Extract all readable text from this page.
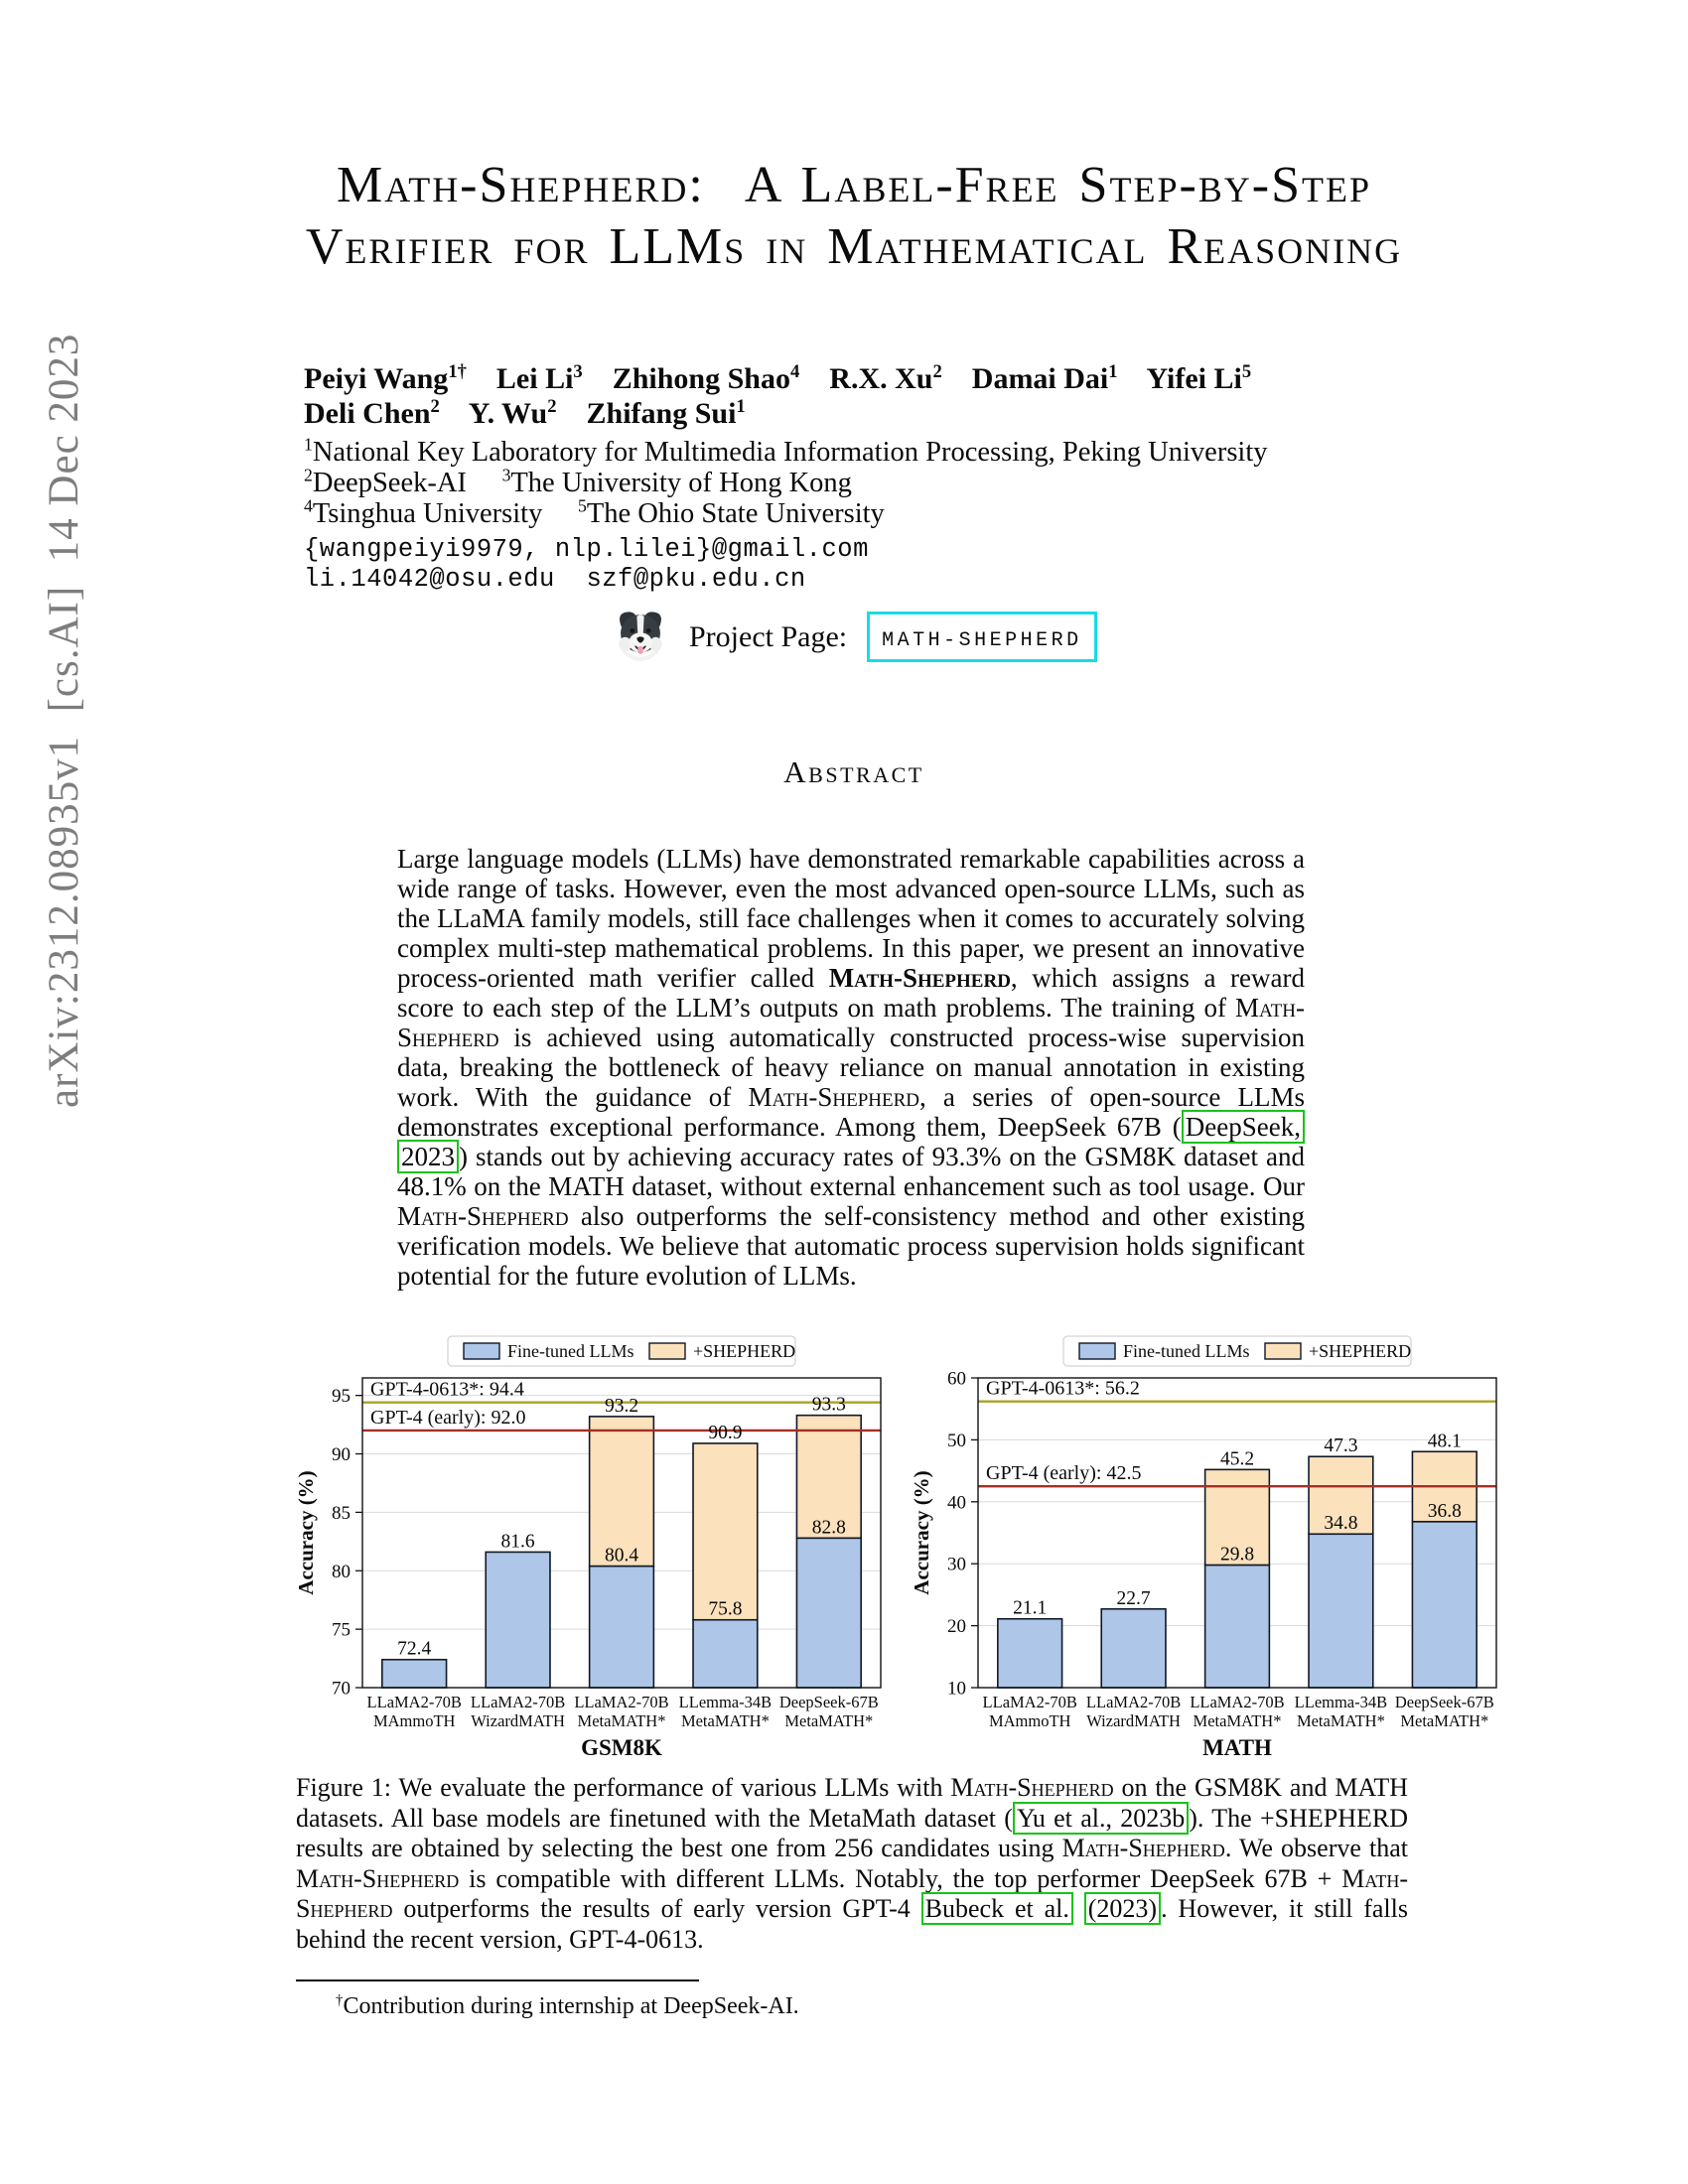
arXiv:2312.08935v1  [cs.AI]  14 Dec 2023
Math-Shepherd:  A Label-Free Step-by-Step
Verifier for LLMs in Mathematical Reasoning
Peiyi Wang$^{1\dagger}$ Lei Li$^3$ Zhihong Shao$^4$ R.X. Xu$^2$ Damai Dai$^1$ Yifei Li$^5$
Deli Chen$^2$ Y. Wu$^2$ Zhifang Sui$^1$
$^1$National Key Laboratory for Multimedia Information Processing, Peking University
$^2$DeepSeek-AI $^3$The University of Hong Kong
$^4$Tsinghua University $^5$The Ohio State University
{wangpeiyi9979, nlp.lilei}@gmail.com
li.14042@osu.edu  szf@pku.edu.cn
Project Page:	MATH-SHEPHERD
Abstract
Large language models (LLMs) have demonstrated remarkable capabilities across a wide range of tasks. However, even the most advanced open-source LLMs, such as the LLaMA family models, still face challenges when it comes to accurately solving complex multi-step mathematical problems. In this paper, we present an innovative process-oriented math verifier called Math-Shepherd, which assigns a reward score to each step of the LLM’s outputs on math problems. The training of Math-Shepherd is achieved using automatically constructed process-wise supervision data, breaking the bottleneck of heavy reliance on manual annotation in existing work. With the guidance of Math-Shepherd, a series of open-source LLMs demonstrates exceptional performance. Among them, DeepSeek 67B ( DeepSeek, 2023 ) stands out by achieving accuracy rates of 93.3% on the GSM8K dataset and 48.1% on the MATH dataset, without external enhancement such as tool usage. Our Math-Shepherd also outperforms the self-consistency method and other existing verification models. We believe that automatic process supervision holds significant potential for the future evolution of LLMs.
70
75
80
85
90
95 GPT-4-0613*: 94.4
GPT-4 (early): 92.0
72.4
LLaMA2-70B
MAmmoTH
81.6
LLaMA2-70B
WizardMATH
80.4
93.2
LLaMA2-70B
MetaMATH*
75.8
90.9
LLemma-34B
MetaMATH*
82.8
93.3
DeepSeek-67B
MetaMATH*
Accuracy (%)
Fine-tuned LLMs	+SHEPHERD
GSM8K
10
20
30
40
50
60 GPT-4-0613*: 56.2
GPT-4 (early): 42.5
21.1
LLaMA2-70B
MAmmoTH
22.7
LLaMA2-70B
WizardMATH
29.8
45.2
LLaMA2-70B
MetaMATH*
34.8
47.3
LLemma-34B
MetaMATH*
36.8
48.1
DeepSeek-67B
MetaMATH*
Accuracy (%)
Fine-tuned LLMs	+SHEPHERD
MATH
Figure 1: We evaluate the performance of various LLMs with Math-Shepherd on the GSM8K and MATH datasets. All base models are finetuned with the MetaMath dataset ( Yu et al., 2023b ). The +SHEPHERD results are obtained by selecting the best one from 256 candidates using Math-Shepherd. We observe that Math-Shepherd is compatible with different LLMs. Notably, the top performer DeepSeek 67B + Math-Shepherd outperforms the results of early version GPT-4 Bubeck et al. (2023) . However, it still falls behind the recent version, GPT-4-0613.
†Contribution during internship at DeepSeek-AI.
